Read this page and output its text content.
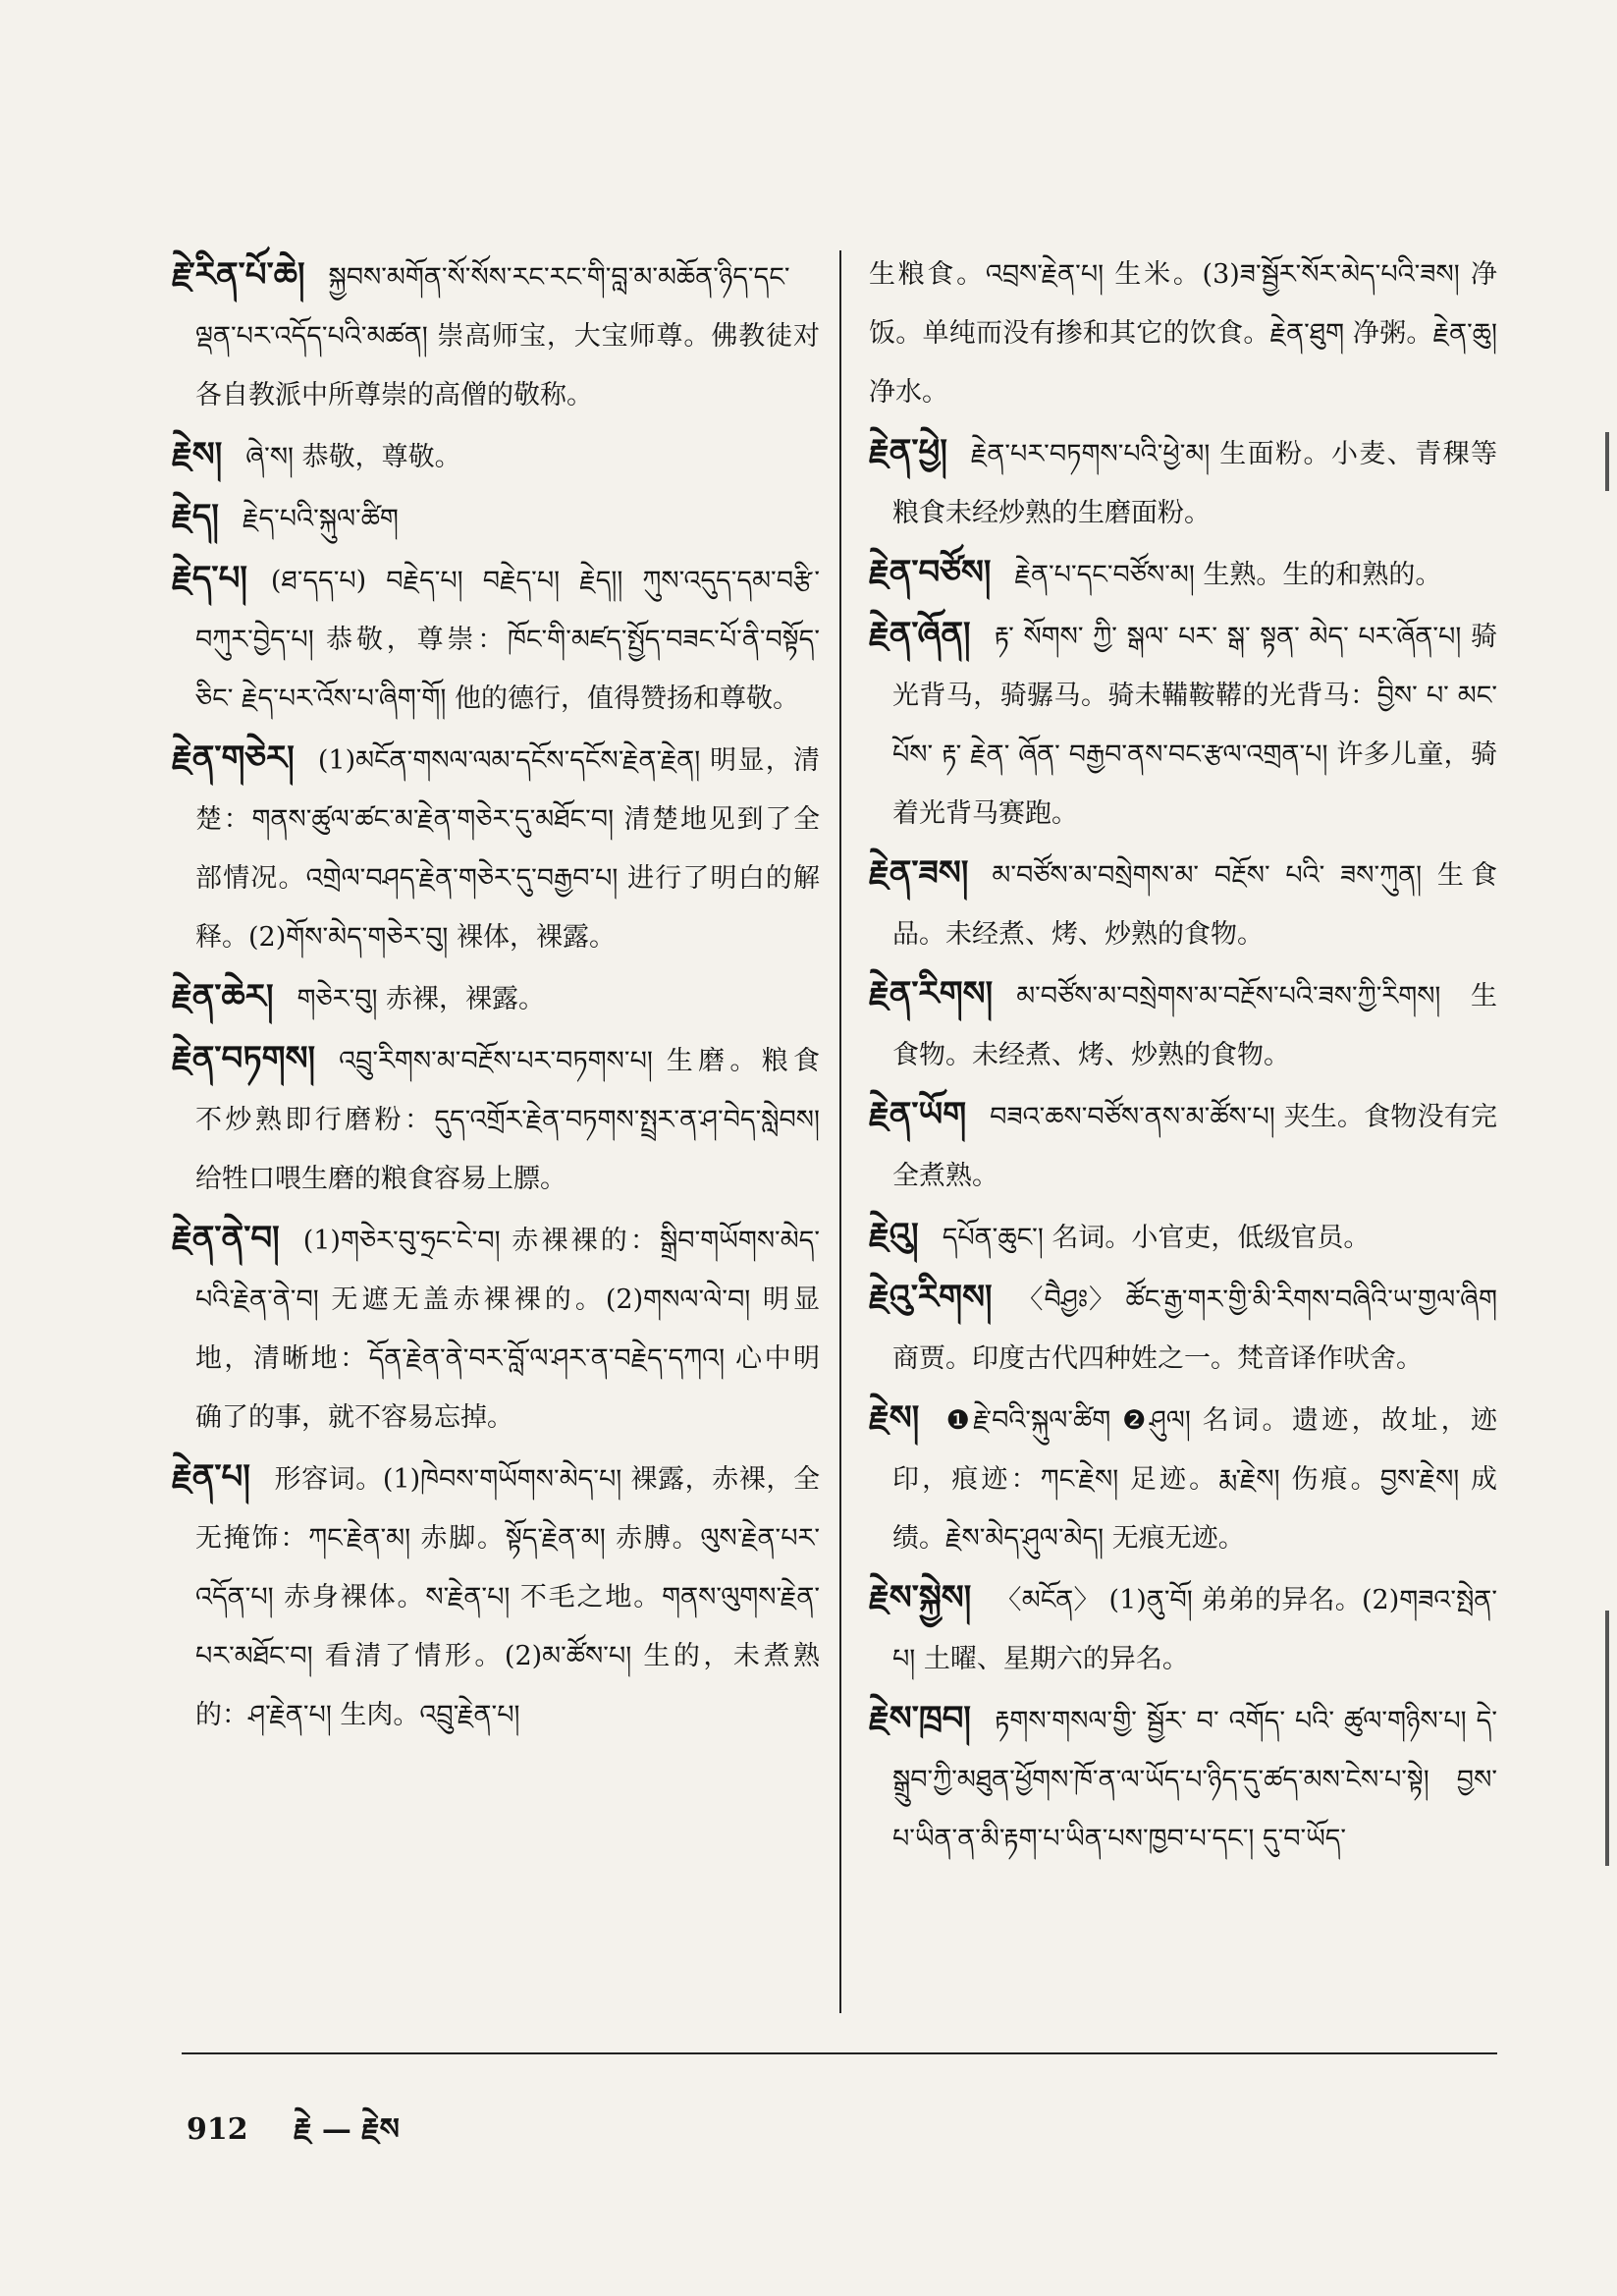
རྗེ་རིན་པོ་ཆེ། སྐྱབས་མགོན་སོ་སོས་རང་རང་གི་བླ་མ་མཆོན་ཉིད་དང་ལྡན་པར་འདོད་པའི་མཚན། 崇高师宝，大宝师尊。佛教徒对各自教派中所尊崇的高僧的敬称。
རྗེས། ཞེ་ས། 恭敬，尊敬。
རྗེད། རྗེད་པའི་སྐུལ་ཚིག
རྗེད་པ། (ཐ་དད་པ) བརྗེད་པ། བརྗེད་པ། རྗེད།། ཀུས་འདུད་དམ་བརྩི་བཀུར་བྱེད་པ། 恭敬，尊崇：ཁོང་གི་མཛད་སྤྱོད་བཟང་པོ་ནི་བསྟོད་ ཅིང་ རྗེད་པར་འོས་པ་ཞིག་གོ། 他的德行，值得赞扬和尊敬。
རྗེན་གཅེར། (1)མངོན་གསལ་ལམ་དངོས་དངོས་རྗེན་རྗེན། 明显，清楚：གནས་ཚུལ་ཚང་མ་རྗེན་གཅེར་དུ་མཐོང་བ། 清楚地见到了全部情况。འགྲེལ་བཤད་རྗེན་གཅེར་དུ་བརྒྱབ་པ། 进行了明白的解释。(2)གོས་མེད་གཅེར་བུ། 裸体，裸露。
རྗེན་ཆེར། གཅེར་བུ། 赤裸，裸露。
རྗེན་བཏགས། འབྲུ་རིགས་མ་བརྔོས་པར་བཏགས་པ། 生磨。粮食不炒熟即行磨粉：དུད་འགྲོར་རྗེན་བཏགས་སྤྲར་ན་ཤ་བེད་སླེབས། 给牲口喂生磨的粮食容易上膘。
རྗེན་ནེ་བ། (1)གཅེར་བུ་ཧྲང་ངེ་བ། 赤裸裸的：སྒྲིབ་གཡོགས་མེད་པའི་རྗེན་ནེ་བ། 无遮无盖赤裸裸的。(2)གསལ་ལེ་བ། 明显地，清晰地：དོན་རྗེན་ནེ་བར་བློ་ལ་ཤར་ན་བརྗེད་དཀའ། 心中明确了的事，就不容易忘掉。
རྗེན་པ། 形容词。(1)ཁེབས་གཡོགས་མེད་པ། 裸露，赤裸，全无掩饰：ཀང་རྗེན་མ། 赤脚。སྟོད་རྗེན་མ། 赤膊。ལུས་རྗེན་པར་འདོན་པ། 赤身裸体。ས་རྗེན་པ། 不毛之地。གནས་ལུགས་རྗེན་པར་མཐོང་བ། 看清了情形。(2)མ་ཚོས་པ། 生的，未煮熟的：ཤ་རྗེན་པ། 生肉。འབྲུ་རྗེན་པ།
生粮食。འབྲས་རྗེན་པ། 生米。(3)ཟ་སྦྱོར་སོར་མེད་པའི་ཟས། 净饭。单纯而没有掺和其它的饮食。རྗེན་ཐུག 净粥。རྗེན་ཆུ། 净水。
རྗེན་ཕྱེ། རྗེན་པར་བཏགས་པའི་ཕྱེ་མ། 生面粉。小麦、青稞等粮食未经炒熟的生磨面粉。
རྗེན་བཙོས། རྗེན་པ་དང་བཙོས་མ། 生熟。生的和熟的。
རྗེན་ཞོན། རྟ་ སོགས་ ཀྱི་ སྒལ་ པར་ སྒ་ སྟན་ མེད་ པར་ཞོན་པ། 骑光背马，骑骣马。骑未鞴鞍鞯的光背马：བྱིས་ པ་ མང་ པོས་ རྟ་ རྗེན་ ཞོན་ བརྒྱབ་ནས་བང་རྩལ་འགྲན་པ། 许多儿童，骑着光背马赛跑。
རྗེན་ཟས། མ་བཙོས་མ་བསྲེགས་མ་ བརྔོས་ པའི་ ཟས་ཀུན། 生食品。未经煮、烤、炒熟的食物。
རྗེན་རིགས། མ་བཙོས་མ་བསྲེགས་མ་བརྔོས་པའི་ཟས་ཀྱི་རིགས། 生食物。未经煮、烤、炒熟的食物。
རྗེན་ཡོག བཟའ་ཆས་བཙོས་ནས་མ་ཚོས་པ། 夹生。食物没有完全煮熟。
རྗེའུ། དཔོན་ཆུང་། 名词。小官吏，低级官员。
རྗེའུ་རིགས། 〈བཻཤྱཿ〉 ཚོང་རྒྱ་གར་གྱི་མི་རིགས་བཞིའི་ཡ་གྱལ་ཞིག 商贾。印度古代四种姓之一。梵音译作吠舍。
རྗེས། ❶རྗེ་བའི་སྐུལ་ཚིག ❷ཤུལ། 名词。遗迹，故址，迹印，痕迹：ཀང་རྗེས། 足迹。རྨ་རྗེས། 伤痕。བྱས་རྗེས། 成绩。རྗེས་མེད་ཤུལ་མེད། 无痕无迹。
རྗེས་སྐྱེས། 〈མངོན〉 (1)ནུ་བོ། 弟弟的异名。(2)གཟའ་སྤེན་པ། 土曜、星期六的异名。
རྗེས་ཁྲབ། རྟགས་གསལ་གྱི་ སྦྱོར་ བ་ འགོད་ པའི་ ཚུལ་གཉིས་པ། དེ་སྒྲུབ་ཀྱི་མཐུན་ཕྱོགས་ཁོ་ན་ལ་ཡོད་པ་ཉིད་དུ་ཚད་མས་ངེས་པ་སྟེ། བྱས་པ་ཡིན་ན་མི་རྟག་པ་ཡིན་པས་ཁྱབ་པ་དང་། དུ་བ་ཡོད་
912 རྗེ — རྗེས
